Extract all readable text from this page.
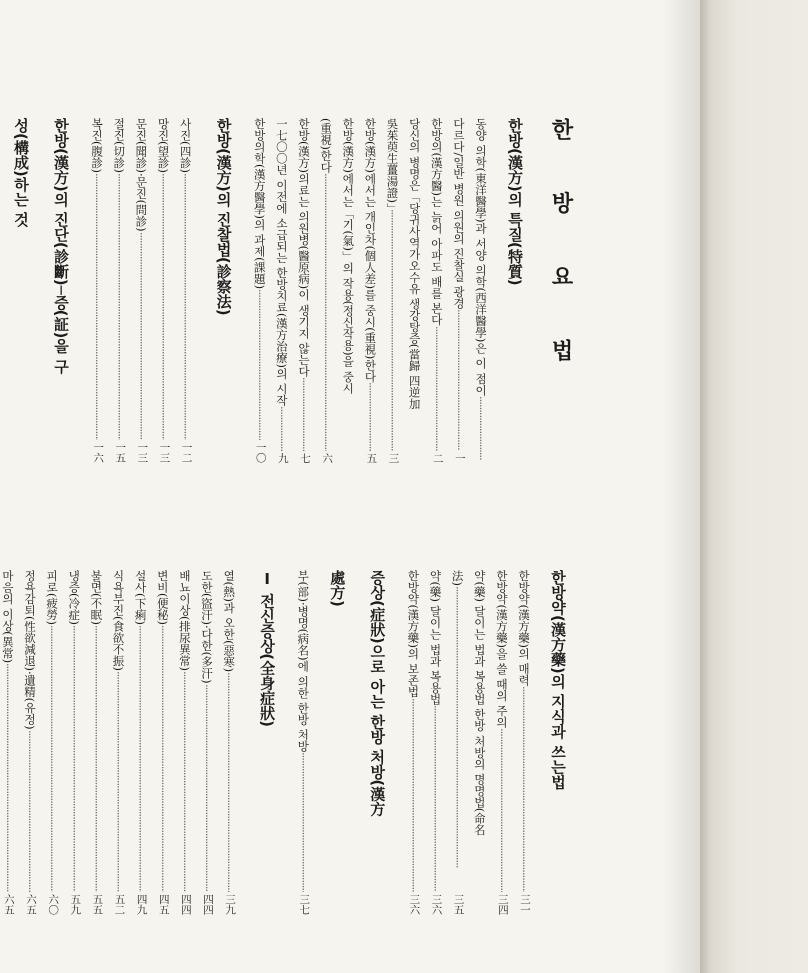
한 방 요 법
한방(漢方)의 특질(特質)
동양 의학(東洋醫學)과 서양 의학(西洋醫學)은 이 점이 ·····
다르다/일반 병원 의원의 진찰실 광경 ·····
一
한방의(漢方醫)는 늙어 아파도 배를 본다 ·····
二
당신의 병명은「당귀사역가오수유 생강탕증(當歸 四逆加
吳茱萸生薑湯證)」 ·····
三
한방(漢方)에서는 개인차(個人差)를 중시(重視)한다 ·····
五
한방(漢方)에서는「기(氣)」의 작용(정신작용)을 중시
(重視)한다 ·····
六
한방(漢方)의료는 의원병(醫原病)이 생기지 않는다 ·····
七
一七〇〇년 이전에 소급되는 한방치료(漢方治療)의 시작 ·····
九
한방의학(漢方醫學)의 과제(課題) ·····
一〇
한방(漢方)의 진찰법(診察法)
사진(四診) ·····
一二
망진(望診) ·····
一三
문진(聞診)·문진(問診) ·····
一三
절진(切診) ·····
一五
복진(腹診) ·····
一六
한방(漢方)의 진단(診斷)─증(証)을 구
성(構成)하는 것
한방약(漢方藥)의 지식과 쓰는법
한방약(漢方藥)의 매력 ·····
三一
한방약(漢方藥)을 쓸 때의 주의 ·····
三四
약(藥) 달이는 법과 복용법 한방 처방의 명명법(命名
法) ·····
三五
약(藥) 달이는 법과 복용법 ·····
三六
한방약(漢方藥)의 보존법 ·····
三六
증상(症狀)으로 아는 한방 처방(漢方
處方)
부(部)·병명(病名)에 의한 한방 처방 ·····
三七
Ⅰ 전신증상(全身症狀)
열(熱)과 오한(惡寒) ·····
三九
도한(盜汗)·다한(多汗) ·····
四四
배뇨이상(排尿異常) ·····
四四
변비(便秘) ·····
四五
설사(下痢) ·····
四九
식욕부진(食欲不振) ·····
五二
불면(不眠) ·····
五五
냉증(冷症) ·····
五九
피로(疲勞) ·····
六〇
정욕감퇴(性欲減退)·遺精(유정) ·····
六五
마음의 이상(異常) ·····
六五
